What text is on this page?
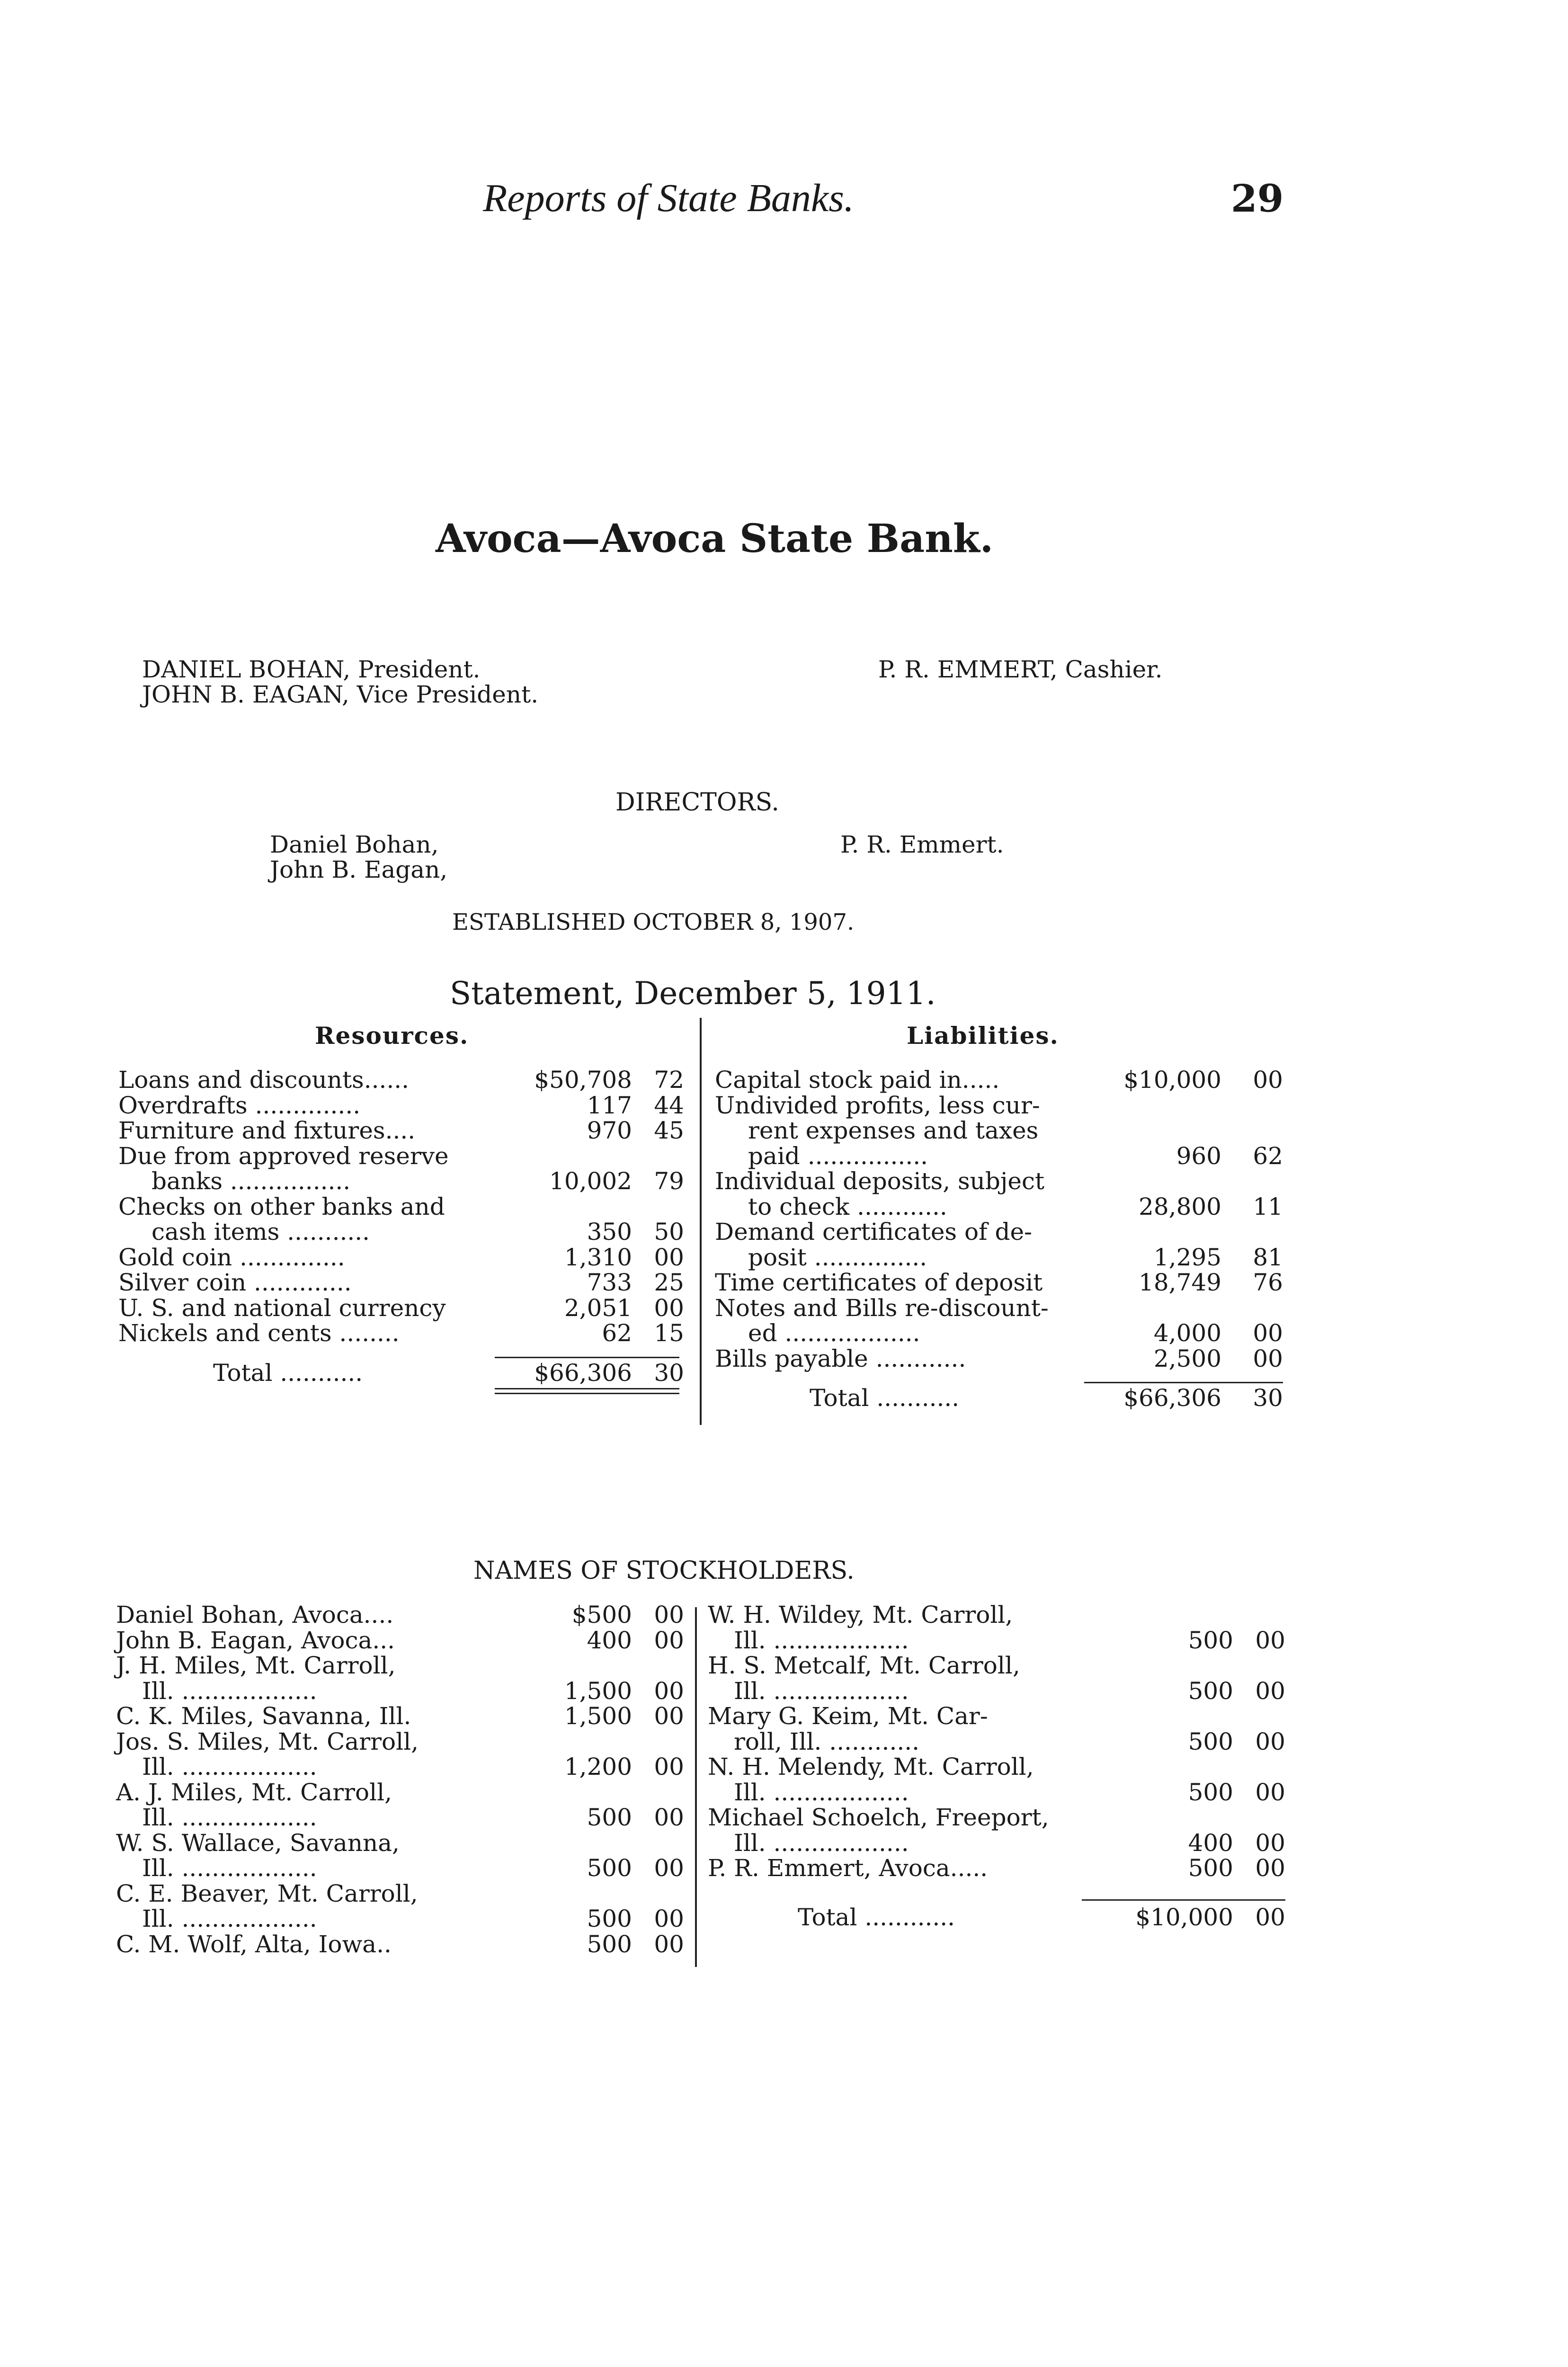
Reports of State Banks.	29
Avoca—Avoca State Bank.
DANIEL BOHAN, President.
JOHN B. EAGAN, Vice President.
P. R. EMMERT, Cashier.
DIRECTORS.
Daniel Bohan,
John B. Eagan,
P. R. Emmert.
ESTABLISHED OCTOBER 8, 1907.
Statement, December 5, 1911.
Resources.	Liabilities.
Loans and discounts......	$50,708 72
Overdrafts ..............	117 44
Furniture and fixtures....	970 45
Due from approved reserve
banks ................	10,002 79
Checks on other banks and
cash items ...........	350 50
Gold coin ..............	1,310 00
Silver coin .............	733 25
U. S. and national currency	2,051 00
Nickels and cents ........	62 15
Total ...........	$66,306 30
Capital stock paid in.....	$10,000 00
Undivided profits, less cur-
rent expenses and taxes
paid ................	960 62
Individual deposits, subject
to check ............	28,800 11
Demand certificates of de-
posit ...............	1,295 81
Time certificates of deposit	18,749 76
Notes and Bills re-discount-
ed ..................	4,000 00
Bills payable ............	2,500 00
Total ...........	$66,306 30
NAMES OF STOCKHOLDERS.
Daniel Bohan, Avoca....	$500 00
John B. Eagan, Avoca...	400 00
J. H. Miles, Mt. Carroll,
Ill. ..................	1,500 00
C. K. Miles, Savanna, Ill.	1,500 00
Jos. S. Miles, Mt. Carroll,
Ill. ..................	1,200 00
A. J. Miles, Mt. Carroll,
Ill. ..................	500 00
W. S. Wallace, Savanna,
Ill. ..................	500 00
C. E. Beaver, Mt. Carroll,
Ill. ..................	500 00
C. M. Wolf, Alta, Iowa..	500 00
W. H. Wildey, Mt. Carroll,
Ill. ..................	500 00
H. S. Metcalf, Mt. Carroll,
Ill. ..................	500 00
Mary G. Keim, Mt. Car-
roll, Ill. ............	500 00
N. H. Melendy, Mt. Carroll,
Ill. ..................	500 00
Michael Schoelch, Freeport,
Ill. ..................	400 00
P. R. Emmert, Avoca.....	500 00
Total ............	$10,000 00
